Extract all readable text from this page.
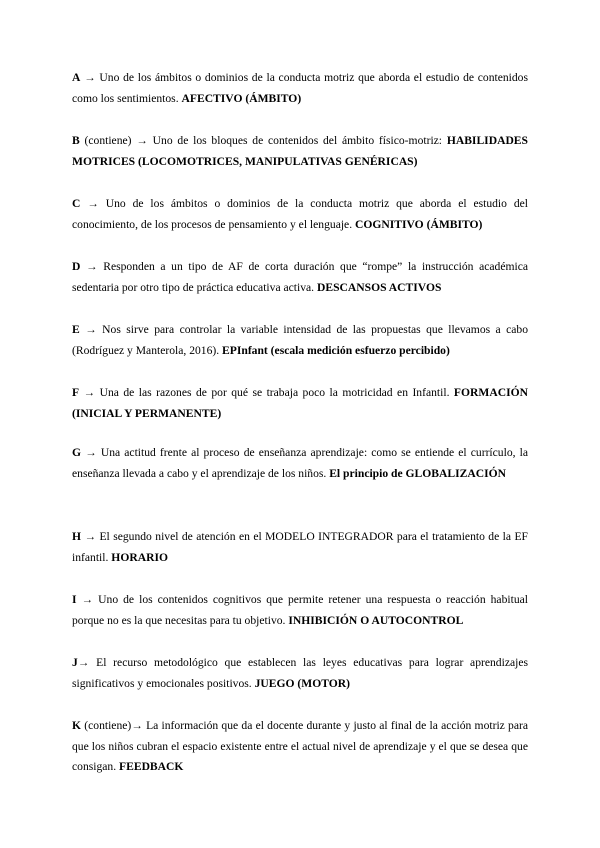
A → Uno de los ámbitos o dominios de la conducta motriz que aborda el estudio de contenidos como los sentimientos. AFECTIVO (ÁMBITO)

B (contiene) → Uno de los bloques de contenidos del ámbito físico-motriz: HABILIDADES MOTRICES (LOCOMOTRICES, MANIPULATIVAS GENÉRICAS)

C → Uno de los ámbitos o dominios de la conducta motriz que aborda el estudio del conocimiento, de los procesos de pensamiento y el lenguaje. COGNITIVO (ÁMBITO)

D → Responden a un tipo de AF de corta duración que “rompe” la instrucción académica sedentaria por otro tipo de práctica educativa activa. DESCANSOS ACTIVOS

E → Nos sirve para controlar la variable intensidad de las propuestas que llevamos a cabo (Rodríguez y Manterola, 2016). EPInfant (escala medición esfuerzo percibido)

F → Una de las razones de por qué se trabaja poco la motricidad en Infantil. FORMACIÓN (INICIAL Y PERMANENTE)

G → Una actitud frente al proceso de enseñanza aprendizaje: como se entiende el currículo, la enseñanza llevada a cabo y el aprendizaje de los niños. El principio de GLOBALIZACIÓN

H → El segundo nivel de atención en el MODELO INTEGRADOR para el tratamiento de la EF infantil. HORARIO

I → Uno de los contenidos cognitivos que permite retener una respuesta o reacción habitual porque no es la que necesitas para tu objetivo. INHIBICIÓN O AUTOCONTROL

J→ El recurso metodológico que establecen las leyes educativas para lograr aprendizajes significativos y emocionales positivos. JUEGO (MOTOR)

K (contiene)→ La información que da el docente durante y justo al final de la acción motriz para que los niños cubran el espacio existente entre el actual nivel de aprendizaje y el que se desea que consigan. FEEDBACK
